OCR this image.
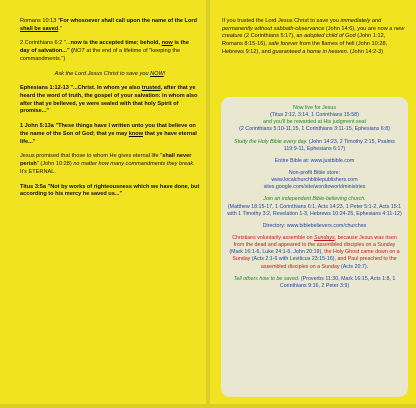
Romans 10:13 "For whosoever shall call upon the name of the Lord shall be saved."

2 Corinthians 6:2 "...now is the accepted time; behold, now is the day of salvation..." (NOT at the end of a lifetime of "keeping the commandments.")

Ask the Lord Jesus Christ to save you NOW!

Ephesians 1:12-13 "...Christ. In whom ye also trusted, after that ye heard the word of truth, the gospel of your salvation: in whom also after that ye believed, ye were sealed with that holy Spirit of promise..."

1 John 5:13a "These things have I written unto you that believe on the name of the Son of God; that ye may know that ye have eternal life..."

Jesus promised that those to whom He gives eternal life "shall never perish" (John 10:28) no matter how many commandments they break. It's ETERNAL.

Titus 3:5a "Not by works of righteousness which we have done, but according to his mercy he saved us..."

If you trusted the Lord Jesus Christ to save you immediately and permanently without sabbath-observance (John 14:6), you are now a new creature (2 Corinthians 5:17), an adopted child of God (John 1:12, Romans 8:15-16), safe forever from the flames of hell (John 10:28, Hebrews 9:12), and guaranteed a home in heaven. (John 14:2-3)

Now live for Jesus
(Titus 2:12, 3:14, 1 Corinthians 15:58)
and you'll be rewarded at His judgment seat
(2 Corinthians 5:10-11,15, 1 Corinthians 3:11-15, Ephesians 6:8)

Study the Holy Bible every day. (John 14:23, 2 Timothy 2:15, Psalms 119:9-11, Ephesians 6:17)

Entire Bible at: www.justbible.com

Non-profit Bible store:
www.localchurchbiblepublishers.com
sites.google.com/site/wordtoworldministries

Join an independent Bible-believing church.
(Matthew 18:15-17, 1 Corinthians 6:1, Acts 14:23, 1 Peter 5:1-2, Acts 15:1 with 1 Timothy 3:2, Revelation 1-3, Hebrews 10:24-25, Ephesians 4:11-12)

Directory: www.biblebelievers.com/churches

Christians voluntarily assemble on Sundays, because Jesus was risen from the dead and appeared to the assembled disciples on a Sunday (Mark 16:1-6, Luke 24:1-6, John 20:19), the Holy Ghost came down on a Sunday (Acts 2:1-6 with Leviticus 23:15-16), and Paul preached to the assembled disciples on a Sunday (Acts 20:7).

Tell others how to be saved. (Proverbs 11:30, Mark 16:15, Acts 1:8, 1 Corinthians 9:16, 2 Peter 3:9)
